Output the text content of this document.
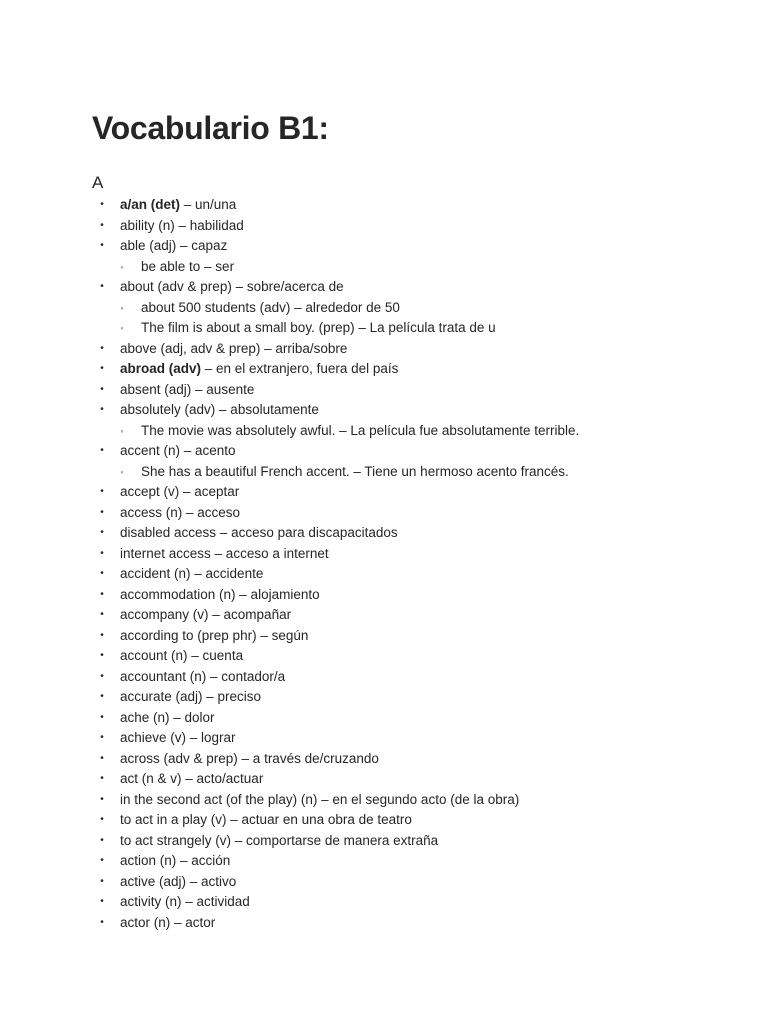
Vocabulario B1:
A
• a/an (det) – un/una
• ability (n) – habilidad
• able (adj) – capaz
◦ be able to – ser
• about (adv & prep) – sobre/acerca de
◦ about 500 students (adv) – alrededor de 50
◦ The film is about a small boy. (prep) – La película trata de u
• above (adj, adv & prep) – arriba/sobre
• abroad (adv) – en el extranjero, fuera del país
• absent (adj) – ausente
• absolutely (adv) – absolutamente
◦ The movie was absolutely awful. – La película fue absolutamente terrible.
• accent (n) – acento
◦ She has a beautiful French accent. – Tiene un hermoso acento francés.
• accept (v) – aceptar
• access (n) – acceso
• disabled access – acceso para discapacitados
• internet access – acceso a internet
• accident (n) – accidente
• accommodation (n) – alojamiento
• accompany (v) – acompañar
• according to (prep phr) – según
• account (n) – cuenta
• accountant (n) – contador/a
• accurate (adj) – preciso
• ache (n) – dolor
• achieve (v) – lograr
• across (adv & prep) – a través de/cruzando
• act (n & v) – acto/actuar
• in the second act (of the play) (n) – en el segundo acto (de la obra)
• to act in a play (v) – actuar en una obra de teatro
• to act strangely (v) – comportarse de manera extraña
• action (n) – acción
• active (adj) – activo
• activity (n) – actividad
• actor (n) – actor
